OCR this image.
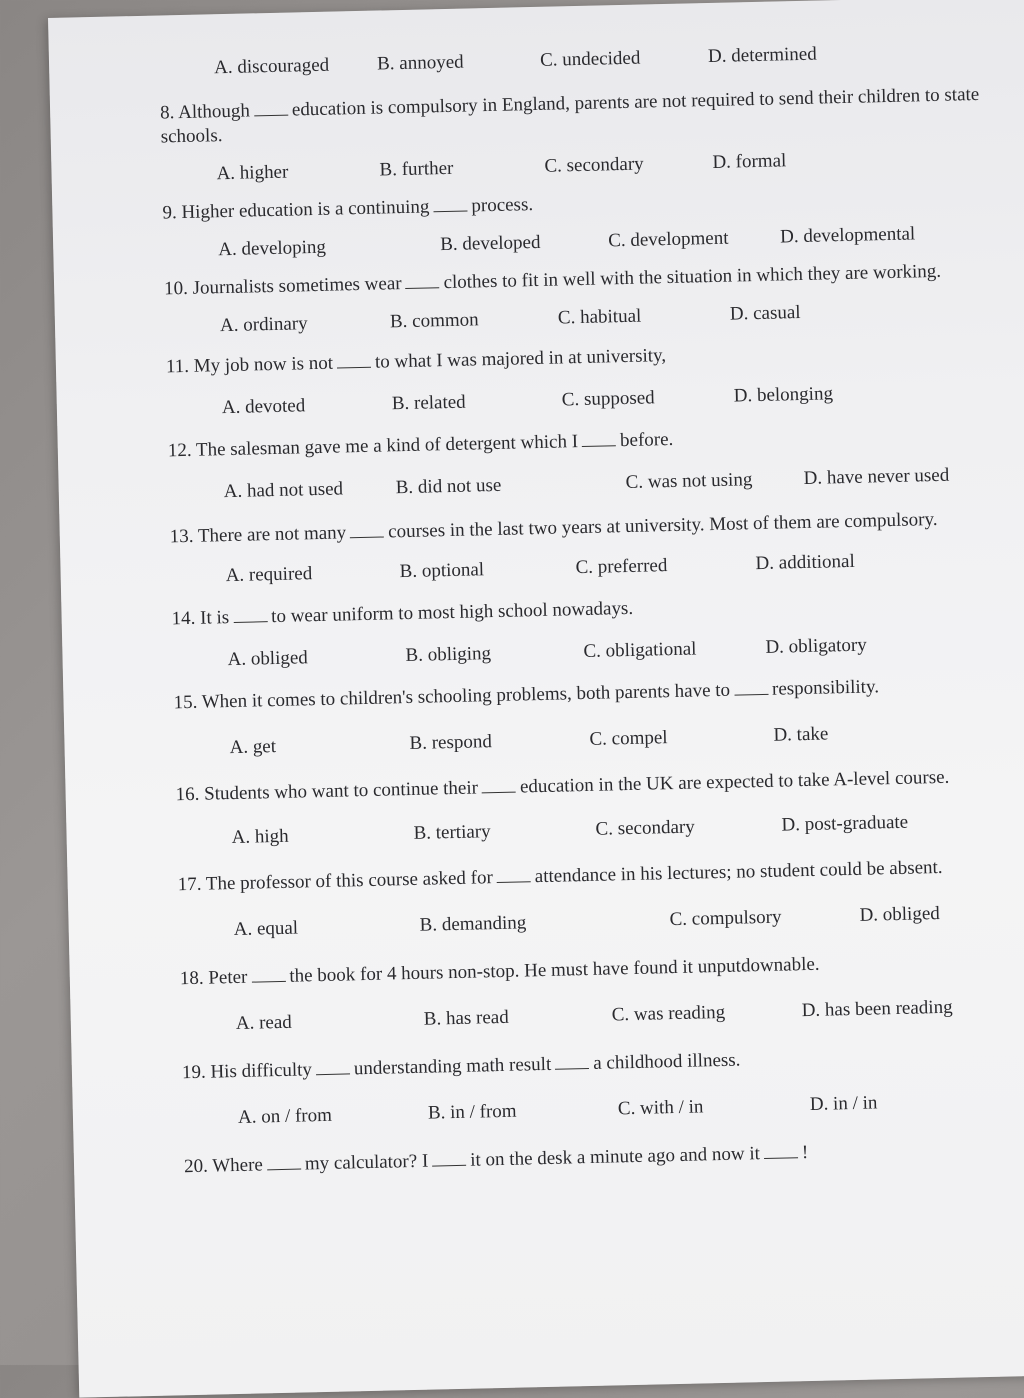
A. discouraged	B. annoyed	C. undecided	D. determined

8. Although education is compulsory in England, parents are not required to send their children to state schools.

A. higher	B. further	C. secondary	D. formal

9. Higher education is a continuing process.

A. developing	B. developed	C. development	D. developmental

10. Journalists sometimes wear clothes to fit in well with the situation in which they are working.

A. ordinary	B. common	C. habitual	D. casual

11. My job now is not to what I was majored in at university,

A. devoted	B. related	C. supposed	D. belonging

12. The salesman gave me a kind of detergent which I before.

A. had not used	B. did not use	C. was not using	D. have never used

13. There are not many courses in the last two years at university. Most of them are compulsory.

A. required	B. optional	C. preferred	D. additional

14. It is to wear uniform to most high school nowadays.

A. obliged	B. obliging	C. obligational	D. obligatory

15. When it comes to children's schooling problems, both parents have to responsibility.

A. get	B. respond	C. compel	D. take

16. Students who want to continue their education in the UK are expected to take A-level course.

A. high	B. tertiary	C. secondary	D. post-graduate

17. The professor of this course asked for attendance in his lectures; no student could be absent.

A. equal	B. demanding	C. compulsory	D. obliged

18. Peter the book for 4 hours non-stop. He must have found it unputdownable.

A. read	B. has read	C. was reading	D. has been reading

19. His difficulty understanding math result a childhood illness.

A. on / from	B. in / from	C. with / in	D. in / in

20. Where my calculator? I it on the desk a minute ago and now it !
